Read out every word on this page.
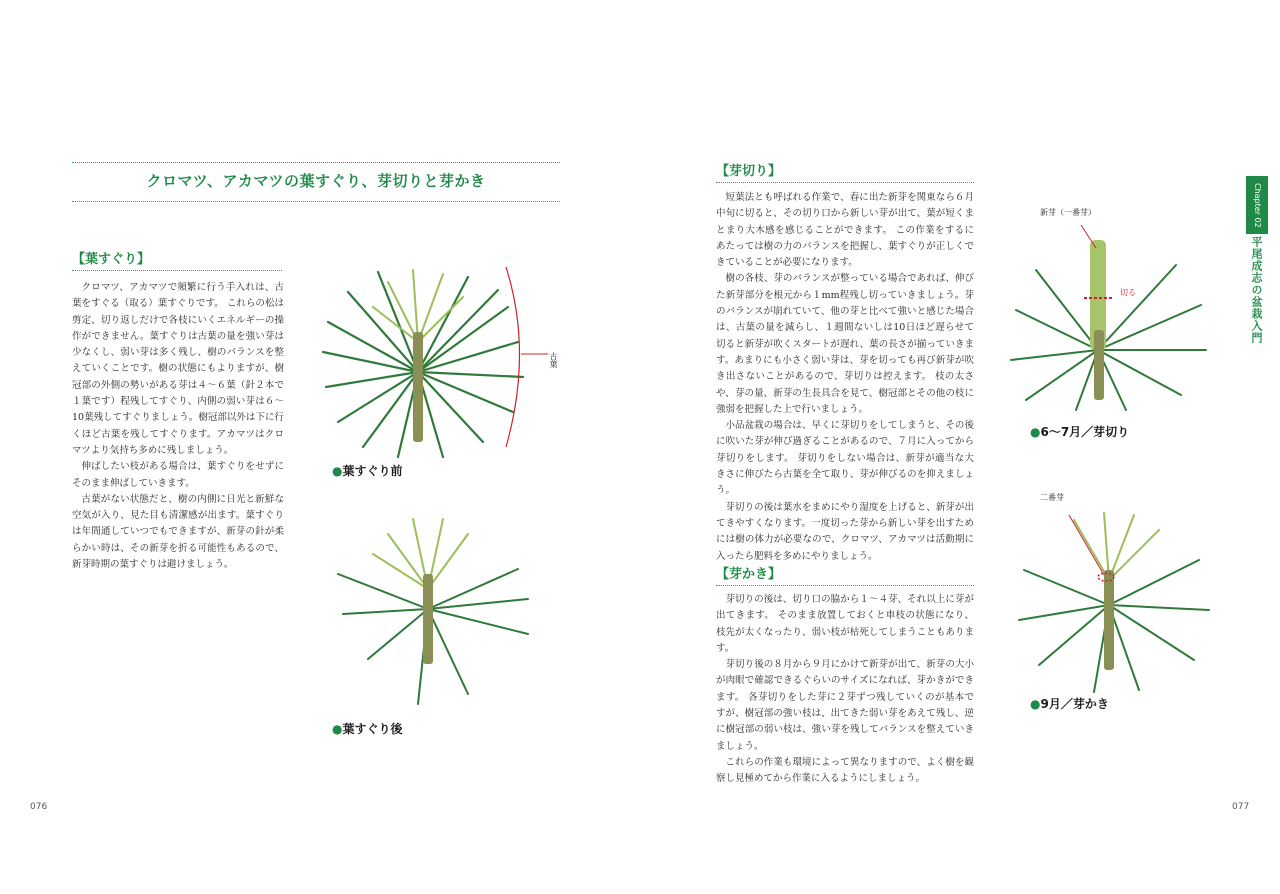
クロマツ、アカマツの葉すぐり、芽切りと芽かき
【葉すぐり】

クロマツ、アカマツで頻繁に行う手入れは、古葉をすぐる（取る）葉すぐりです。 これらの松は剪定、切り返しだけで各枝にいくエネルギーの操作ができません。葉すぐりは古葉の量を強い芽は少なくし、弱い芽は多く残し、樹のバランスを整えていくことです。樹の状態にもよりますが、樹冠部の外側の勢いがある芽は４～６葉（針２本で１葉です）程残してすぐり、内側の弱い芽は６～10葉残してすぐりましょう。樹冠部以外は下に行くほど古葉を残してすぐります。アカマツはクロマツより気持ち多めに残しましょう。

伸ばしたい枝がある場合は、葉すぐりをせずにそのまま伸ばしていきます。

古葉がない状態だと、樹の内側に日光と新鮮な空気が入り、見た目も清潔感が出ます。葉すぐりは年間通していつでもできますが、新芽の針が柔らかい時は、その新芽を折る可能性もあるので、新芽時期の葉すぐりは避けましょう。

古葉
●葉すぐり前
●葉すぐり後
076
【芽切り】

短葉法とも呼ばれる作業で、春に出た新芽を関東なら６月中旬に切ると、その切り口から新しい芽が出て、葉が短くまとまり大木感を感じることができます。 この作業をするにあたっては樹の力のバランスを把握し、葉すぐりが正しくできていることが必要になります。

樹の各枝、芽のバランスが整っている場合であれば、伸びた新芽部分を根元から１mm程残し切っていきましょう。芽のバランスが崩れていて、他の芽と比べて強いと感じた場合は、古葉の量を減らし、１週間ないしは10日ほど遅らせて切ると新芽が吹くスタートが遅れ、葉の長さが揃っていきます。あまりにも小さく弱い芽は、芽を切っても再び新芽が吹き出さないことがあるので、芽切りは控えます。 枝の太さや、芽の量、新芽の生長具合を見て、樹冠部とその他の枝に強弱を把握した上で行いましょう。

小品盆栽の場合は、早くに芽切りをしてしまうと、その後に吹いた芽が伸び過ぎることがあるので、７月に入ってから芽切りをします。 芽切りをしない場合は、新芽が適当な大きさに伸びたら古葉を全て取り、芽が伸びるのを抑えましょう。

芽切りの後は葉水をまめにやり湿度を上げると、新芽が出てきやすくなります。一度切った芽から新しい芽を出すためには樹の体力が必要なので、クロマツ、アカマツは活動期に入ったら肥料を多めにやりましょう。

【芽かき】

芽切りの後は、切り口の脇から１～４芽、それ以上に芽が出てきます。 そのまま放置しておくと車枝の状態になり、枝先が太くなったり、弱い枝が枯死してしまうこともあります。

芽切り後の８月から９月にかけて新芽が出て、新芽の大小が肉眼で確認できるぐらいのサイズになれば、芽かきができます。 各芽切りをした芽に２芽ずつ残していくのが基本ですが、樹冠部の強い枝は、出てきた弱い芽をあえて残し、逆に樹冠部の弱い枝は、強い芽を残してバランスを整えていきましょう。

これらの作業も環境によって異なりますので、よく樹を観察し見極めてから作業に入るようにしましょう。

新芽（一番芽）
切る
●6～7月／芽切り
二番芽
●9月／芽かき
Chapter 02
平尾成志の盆栽入門
077
